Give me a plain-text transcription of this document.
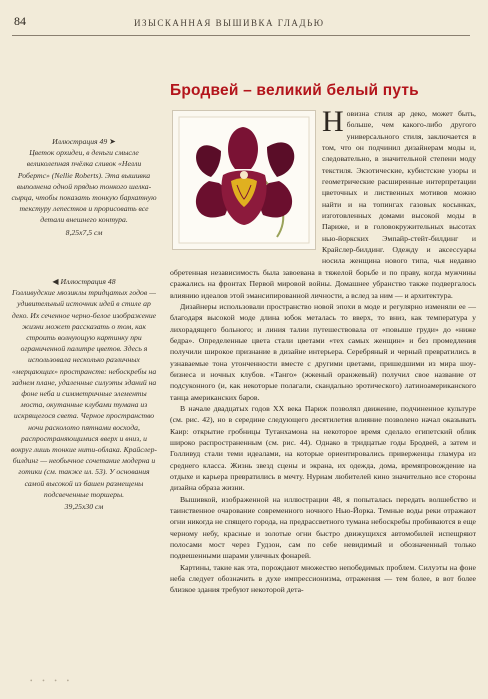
84	ИЗЫСКАННАЯ ВЫШИВКА ГЛАДЬЮ

Иллюстрация 49 ➤
Цветок орхидеи, в деньги смысле великолепная пчёлка сливок «Нелли Робертс» (Nellie Roberts). Эта вышивка выполнена одной прядью тонкого шелка-сырца, чтобы показать тонкую бархатную текстуру лепестков и прорисовать все детали внешнего контура.
8,25x7,5 см

◀ Иллюстрация 48
Голливудские мюзиклы тридцатых годов — удивительный источник идей в стиле ар деко. Их сеченное черно-белое изображение жизни может рассказать о том, как строить волнующую картинку при ограниченной палитре цветов. Здесь я использовала несколько различных «мерцающих» пространств: небоскребы на заднем плане, удаленные силуэты зданий на фоне неба и симметричные элементы моста, окутанные клубами тумана из искрящегося света. Черное пространство ночи расколото пятнами восхода, распространяющимися вверх и вниз, и вокруг лишь тонкие нити-облака. Крайслер-билдинг — необычное сочетание модерна и готики (см. также ил. 53). У основания самой высокой из башен размещены подсвеченные торшеры.
39,25x30 см

Бродвей – великий белый путь

Новизна стиля ар деко, может быть, больше, чем какого-либо другого универсального стиля, заключается в том, что он подчинил дизайнерам моды и, следовательно, в значительной степени моду текстиля. Экзотические, кубистские узоры и геометрические расширенные интерпретации цветочных и лиственных мотивов можно найти и на топингах газовых косынках, изготовленных домами высокой моды в Париже, и в головокружительных высотах нью-йоркских Эмпайр-стейт-билдинг и Крайслер-билдинг. Одежду и аксессуары носила женщина нового типа, чья недавно обретенная независимость была завоевана в тяжелой борьбе и по праву, когда мужчины сражались на фронтах Первой мировой войны. Домашнее убранство также подвергалось влиянию идеалов этой эмансипированной личности, а вслед за ним — и архитектура.

Дизайнеры использовали пространство новой эпохи в моде и регулярно изменяли ее — благодаря высокой моде длина юбок металась то вверх, то вниз, как температура у лихорадящего больного; и линия талии путешествовала от «повыше груди» до «ниже бедра». Определенные цвета стали цветами «тех самых женщин» и без промедления получили широкое признание в дизайне интерьера. Серебряный и черный превратились в узнаваемые тона утонченности вместе с другими цветами, пришедшими из мира шоу-бизнеса и ночных клубов. «Танго» (жженый оранжевый) получил свое название от подсуконного (и, как некоторые полагали, скандально эротического) латиноамериканского танца американских баров.

В начале двадцатых годов XX века Париж позволял движение, подчиненное культуре (см. рис. 42), но в середине следующего десятилетия влияние позволено начал оказывать Каир: открытие гробницы Тутанхамона на некоторое время сделало египетский облик широко распространенным (см. рис. 44). Однако в тридцатые годы Бродвей, а затем и Голливуд стали теми идеалами, на которые ориентировались приверженцы гламура из среднего класса. Жизнь звезд сцены и экрана, их одежда, дома, времяпровождение на отдыхе и карьера превратились в мечту. Нуриам любителей кино значительно все стороны дизайна образа жизни.

Вышивкой, изображенной на иллюстрации 48, я попыталась передать волшебство и таинственное очарование современного ночного Нью-Йорка. Темные воды реки отражают огни никогда не спящего города, на предрассветного тумана небоскребы пробиваются в еще черному небу, красные и золотые огни быстро движущихся автомобилей испещряют полосами мост через Гудзон, сам по себе невидимый и обозначенный только подвешенными шарами уличных фонарей.

Картины, такие как эта, порождают множество непобедимых проблем. Силуэты на фоне неба следует обозначить в духе импрессионизма, отражения — тем более, в вот более близкое здания требуют некоторой дета-

• • • •
